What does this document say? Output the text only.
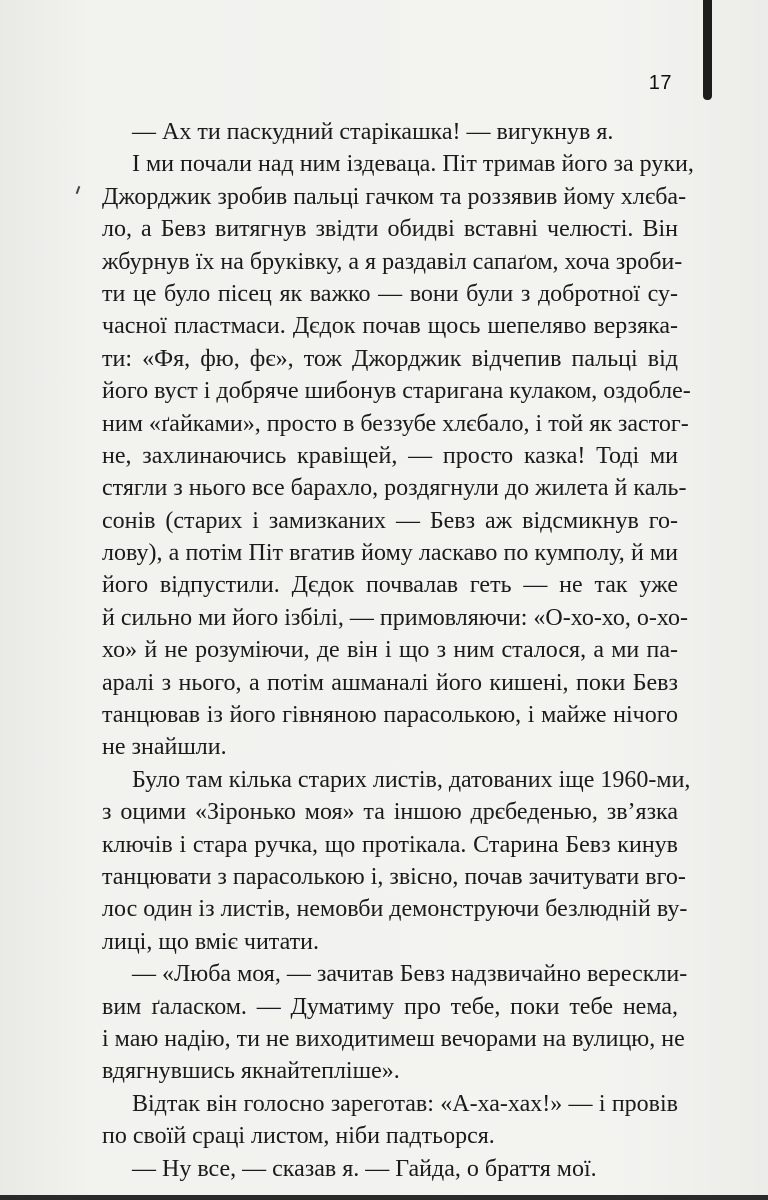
17
— Ах ти паскудний старікашка! — вигукнув я.
І ми почали над ним іздеваца. Піт тримав його за руки,
Джорджик зробив пальці гачком та роззявив йому хлєба-
ло, а Бевз витягнув звідти обидві вставні челюсті. Він
жбурнув їх на бруківку, а я раздавіл сапаґом, хоча зроби-
ти це було пісец як важко — вони були з добротної су-
часної пластмаси. Дєдок почав щось шепеляво верзяка-
ти: «Фя, фю, фє», тож Джорджик відчепив пальці від
його вуст і добряче шибонув старигана кулаком, оздобле-
ним «ґайками», просто в беззубе хлєбало, і той як застог-
не, захлинаючись кравіщей, — просто казка! Тоді ми
стягли з нього все барахло, роздягнули до жилета й каль-
сонів (старих і замизканих — Бевз аж відсмикнув го-
лову), а потім Піт вгатив йому ласкаво по кумполу, й ми
його відпустили. Дєдок почвалав геть — не так уже
й сильно ми його ізбілі, — примовляючи: «О-хо-хо, о-хо-
хо» й не розуміючи, де він і що з ним сталося, а ми па-
аралі з нього, а потім ашманалі його кишені, поки Бевз
танцював із його гівняною парасолькою, і майже нічого
не знайшли.
Було там кілька старих листів, датованих іще 1960-ми,
з оцими «Зіронько моя» та іншою дрєбеденью, зв’язка
ключів і стара ручка, що протікала. Старина Бевз кинув
танцювати з парасолькою і, звісно, почав зачитувати вго-
лос один із листів, немовби демонструючи безлюдній ву-
лиці, що вміє читати.
— «Люба моя, — зачитав Бевз надзвичайно верескли-
вим ґаласком. — Думатиму про тебе, поки тебе нема,
і маю надію, ти не виходитимеш вечорами на вулицю, не
вдягнувшись якнайтепліше».
Відтак він голосно зареготав: «А-ха-хах!» — і провів
по своїй сраці листом, ніби падтьорся.
— Ну все, — сказав я. — Гайда, о браття мої.
